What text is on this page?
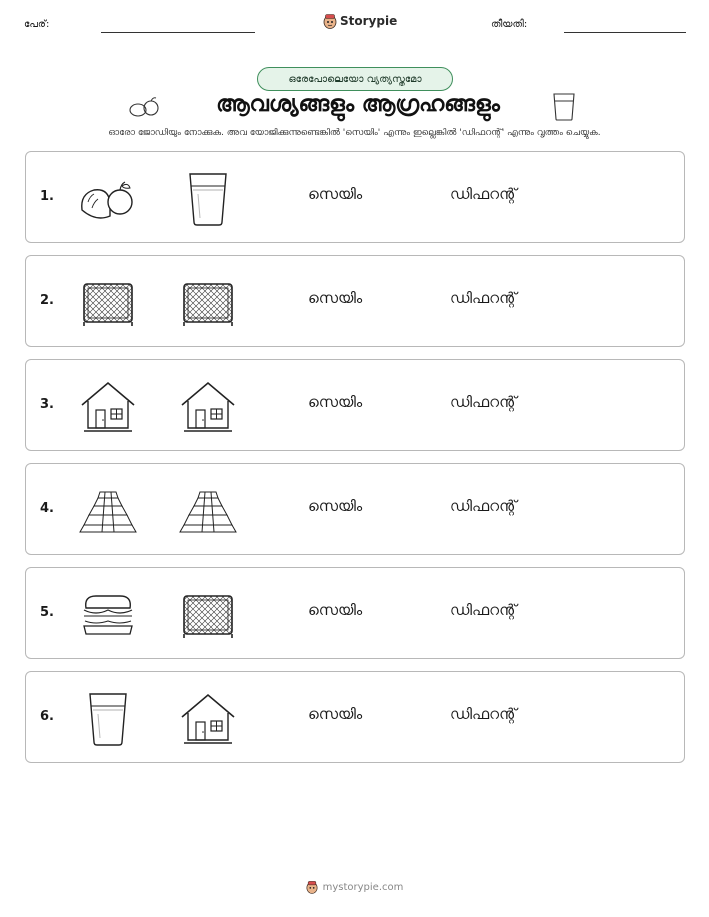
പേര്:	Storypie	തീയതി:
ഒരേപോലെയോ വ്യത്യസ്തമോ
ആവശ്യങ്ങളും ആഗ്രഹങ്ങളും
ഓരോ ജോഡിയും നോക്കുക. അവ യോജിക്കുന്നുണ്ടെങ്കിൽ 'സെയിം' എന്നും ഇല്ലെങ്കിൽ 'ഡിഫറന്റ്' എന്നും വൃത്തം ചെയ്യുക.
1.	സെയിം	ഡിഫറന്റ്
2.	സെയിം	ഡിഫറന്റ്
3.	സെയിം	ഡിഫറന്റ്
4.	സെയിം	ഡിഫറന്റ്
5.	സെയിം	ഡിഫറന്റ്
6.	സെയിം	ഡിഫറന്റ്
mystorypie.com
